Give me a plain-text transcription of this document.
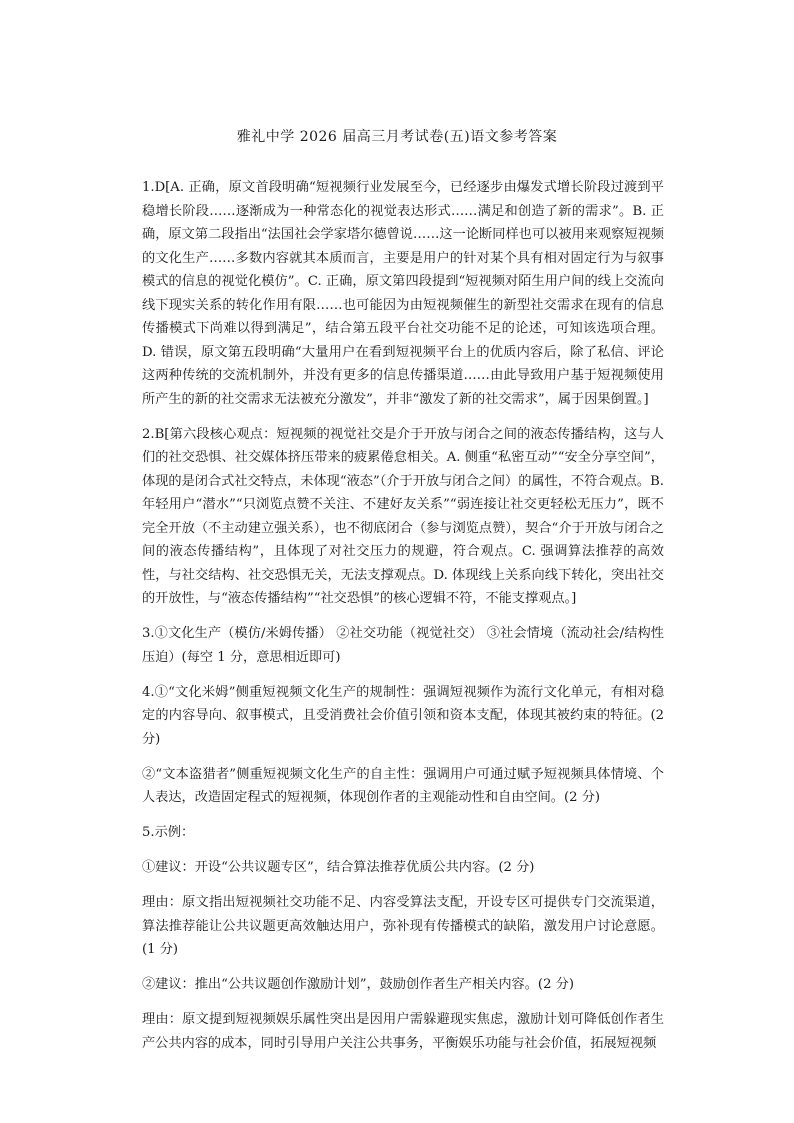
雅礼中学 2026 届高三月考试卷(五)语文参考答案

1.D[A. 正确，原文首段明确“短视频行业发展至今，已经逐步由爆发式增长阶段过渡到平稳增长阶段……逐渐成为一种常态化的视觉表达形式……满足和创造了新的需求”。B. 正确，原文第二段指出“法国社会学家塔尔德曾说……这一论断同样也可以被用来观察短视频的文化生产……多数内容就其本质而言，主要是用户的针对某个具有相对固定行为与叙事模式的信息的视觉化模仿”。C. 正确，原文第四段提到“短视频对陌生用户间的线上交流向线下现实关系的转化作用有限……也可能因为由短视频催生的新型社交需求在现有的信息传播模式下尚难以得到满足”，结合第五段平台社交功能不足的论述，可知该选项合理。D. 错误，原文第五段明确“大量用户在看到短视频平台上的优质内容后，除了私信、评论这两种传统的交流机制外，并没有更多的信息传播渠道……由此导致用户基于短视频使用所产生的新的社交需求无法被充分激发”，并非“激发了新的社交需求”，属于因果倒置。]

2.B[第六段核心观点：短视频的视觉社交是介于开放与闭合之间的液态传播结构，这与人们的社交恐惧、社交媒体挤压带来的疲累倦怠相关。A. 侧重“私密互动”“安全分享空间”，体现的是闭合式社交特点，未体现“液态”（介于开放与闭合之间）的属性，不符合观点。B. 年轻用户“潜水”“只浏览点赞不关注、不建好友关系”“弱连接让社交更轻松无压力”，既不完全开放（不主动建立强关系），也不彻底闭合（参与浏览点赞），契合“介于开放与闭合之间的液态传播结构”，且体现了对社交压力的规避，符合观点。C. 强调算法推荐的高效性，与社交结构、社交恐惧无关，无法支撑观点。D. 体现线上关系向线下转化，突出社交的开放性，与“液态传播结构”“社交恐惧”的核心逻辑不符，不能支撑观点。]

3.①文化生产（模仿/米姆传播） ②社交功能（视觉社交） ③社会情境（流动社会/结构性压迫）(每空 1 分，意思相近即可)

4.①“文化米姆”侧重短视频文化生产的规制性：强调短视频作为流行文化单元，有相对稳定的内容导向、叙事模式，且受消费社会价值引领和资本支配，体现其被约束的特征。(2 分)

②“文本盗猎者”侧重短视频文化生产的自主性：强调用户可通过赋予短视频具体情境、个人表达，改造固定程式的短视频，体现创作者的主观能动性和自由空间。(2 分)

5.示例：

①建议：开设“公共议题专区”，结合算法推荐优质公共内容。(2 分)

理由：原文指出短视频社交功能不足、内容受算法支配，开设专区可提供专门交流渠道，算法推荐能让公共议题更高效触达用户，弥补现有传播模式的缺陷，激发用户讨论意愿。(1 分)

②建议：推出“公共议题创作激励计划”，鼓励创作者生产相关内容。(2 分)

理由：原文提到短视频娱乐属性突出是因用户需躲避现实焦虑，激励计划可降低创作者生产公共内容的成本，同时引导用户关注公共事务，平衡娱乐功能与社会价值，拓展短视频
